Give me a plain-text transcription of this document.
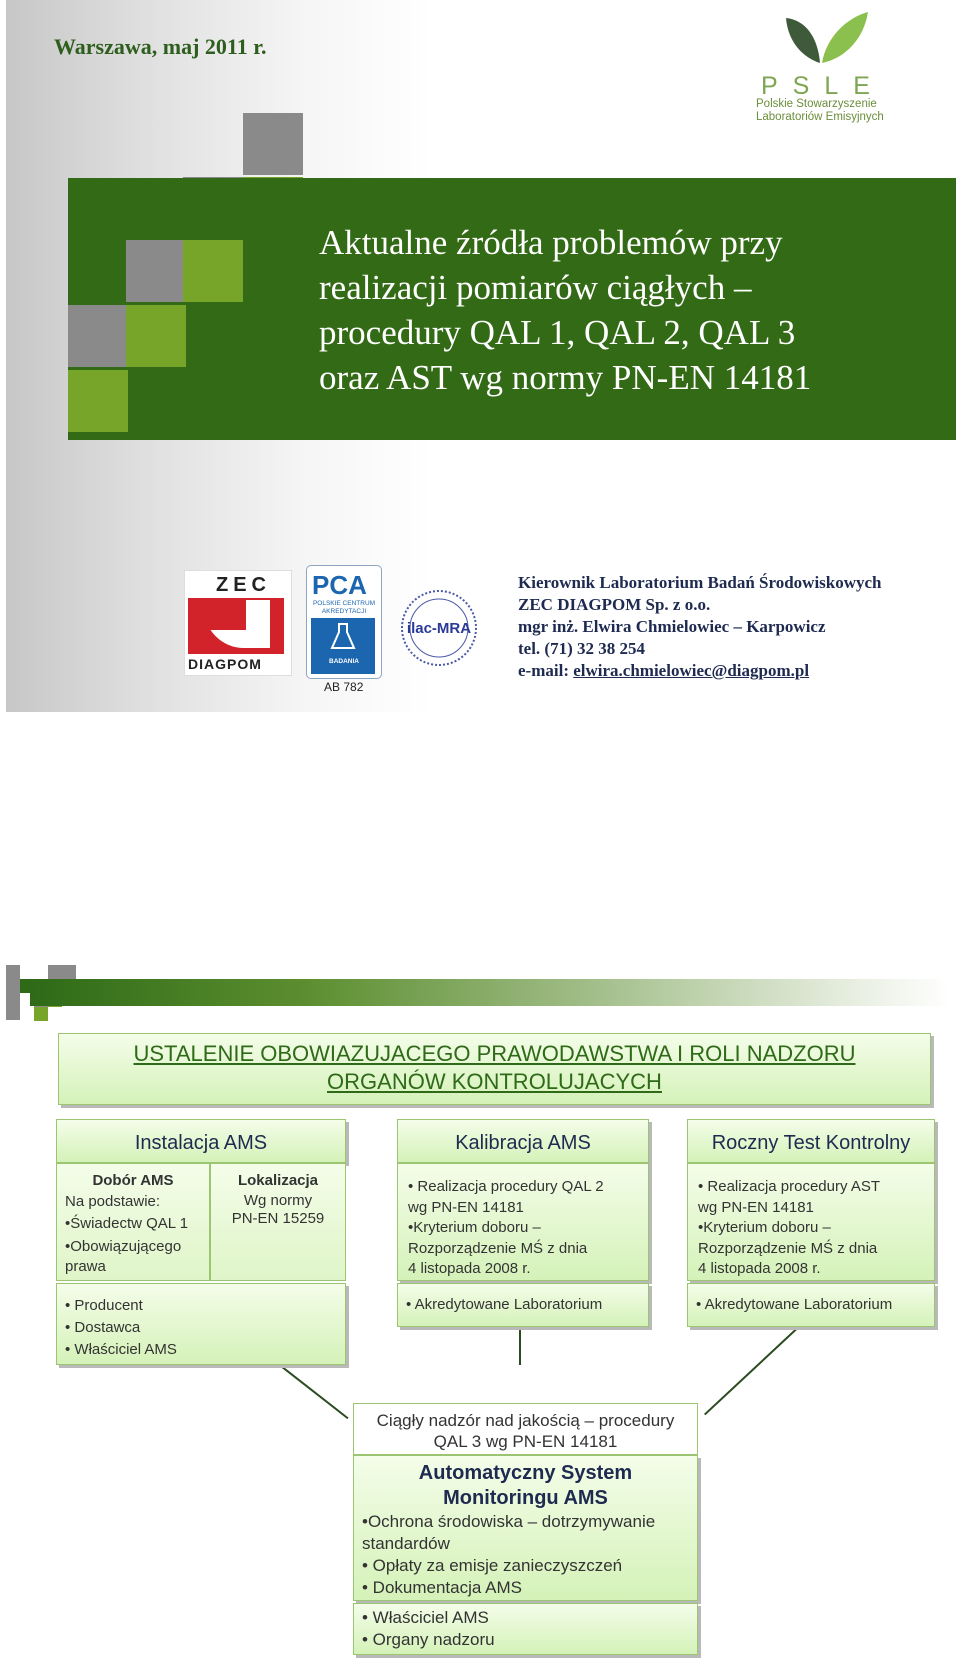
Warszawa, maj 2011 r.
Aktualne źródła problemów przy
realizacji pomiarów ciągłych –
procedury QAL 1, QAL 2, QAL 3
oraz AST wg normy PN-EN 14181
PSLE
Polskie Stowarzyszenie
Laboratoriów Emisyjnych
ZEC
DIAGPOM
PCA
POLSKIE CENTRUM
AKREDYTACJI
BADANIA
AB 782
ilac-MRA
Kierownik Laboratorium Badań Środowiskowych
ZEC DIAGPOM Sp. z o.o.
mgr inż. Elwira Chmielowiec – Karpowicz
tel. (71) 32 38 254
e-mail: elwira.chmielowiec@diagpom.pl
USTALENIE OBOWIAZUJACEGO PRAWODAWSTWA I ROLI NADZORU
ORGANÓW KONTROLUJACYCH
Instalacja AMS
Dobór AMS
Na podstawie:
•Świadectw QAL 1
•Obowiązującego
prawa
Lokalizacja
Wg normy
PN-EN 15259
• Producent
• Dostawca
• Właściciel AMS
Kalibracja AMS
• Realizacja procedury QAL 2
wg PN-EN 14181
•Kryterium doboru –
Rozporządzenie MŚ z dnia
4 listopada 2008 r.
• Akredytowane Laboratorium
Roczny Test Kontrolny
• Realizacja procedury AST
wg PN-EN 14181
•Kryterium doboru –
Rozporządzenie MŚ z dnia
4 listopada 2008 r.
• Akredytowane Laboratorium
Ciągły nadzór nad jakością – procedury
QAL 3 wg PN-EN 14181
Automatyczny System
Monitoringu AMS
•Ochrona środowiska – dotrzymywanie
standardów
• Opłaty za emisje zanieczyszczeń
• Dokumentacja AMS
• Właściciel AMS
• Organy nadzoru
